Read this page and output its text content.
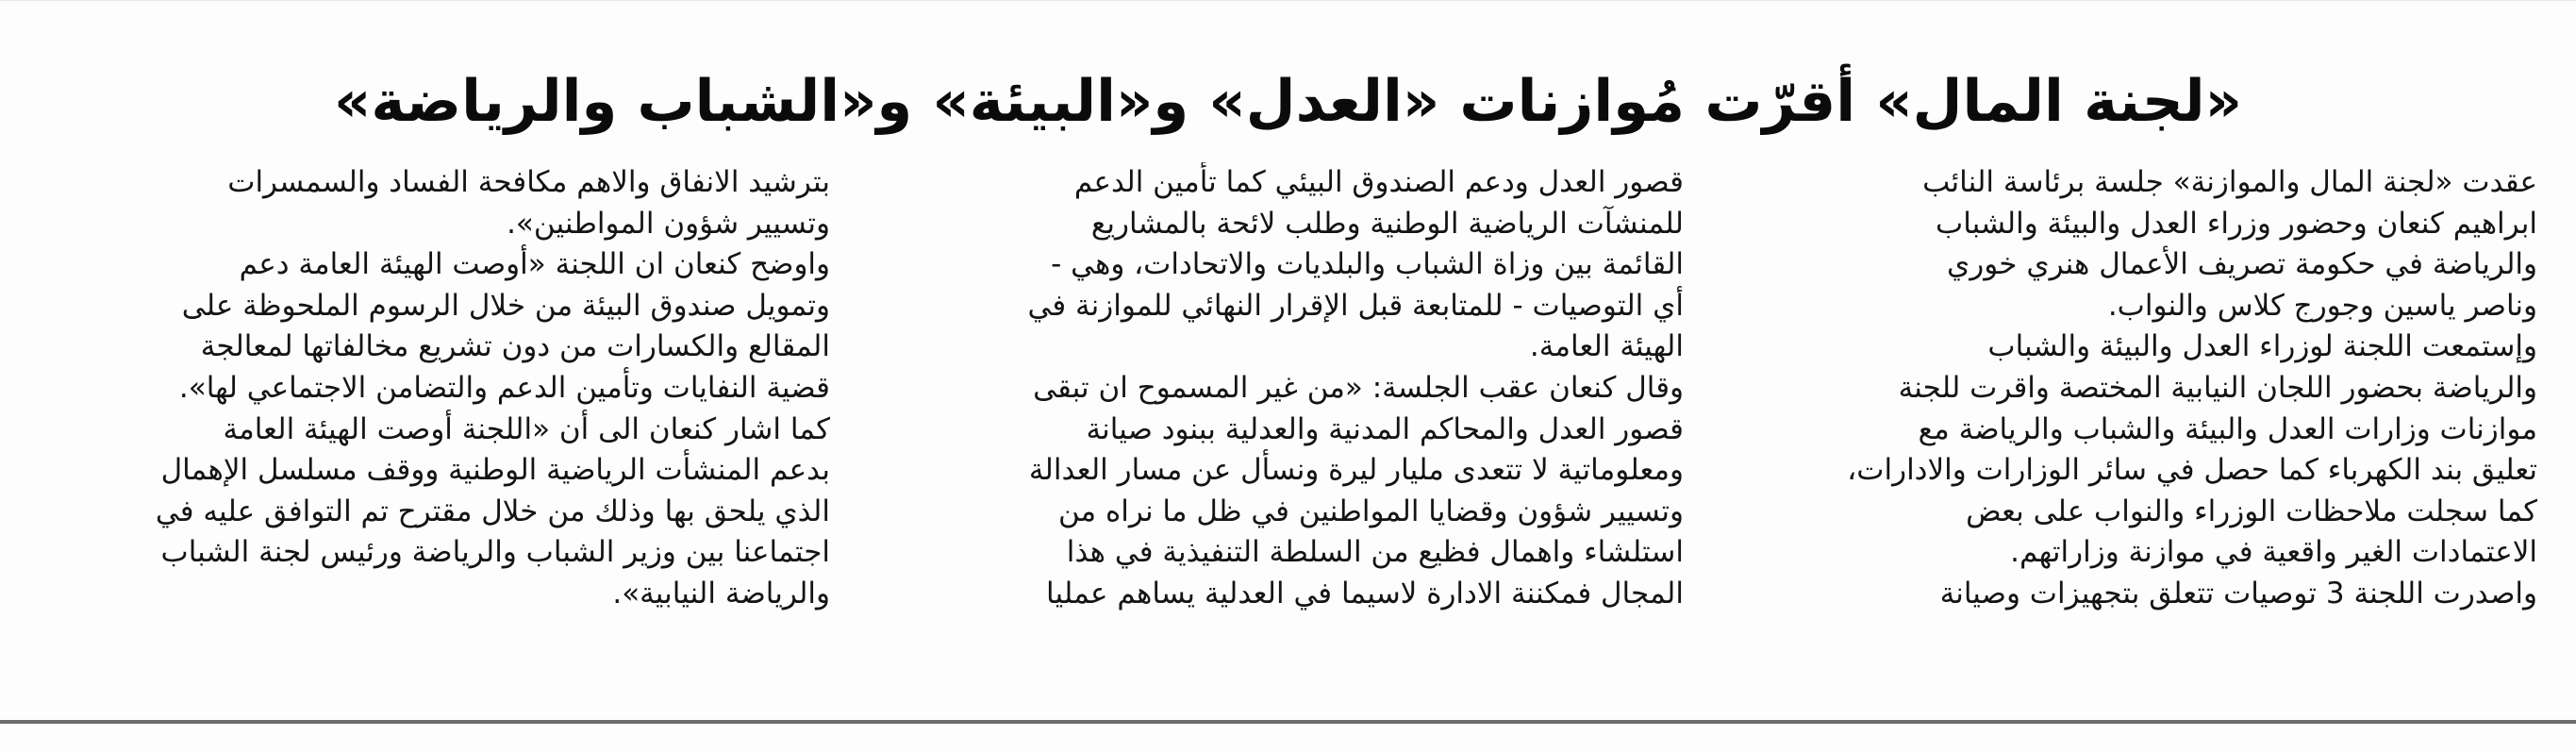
«لجنة المال» أقرّت مُوازنات «العدل» و«البيئة» و«الشباب والرياضة»
عقدت «لجنة المال والموازنة» جلسة برئاسة النائب
ابراهيم كنعان وحضور وزراء العدل والبيئة والشباب
والرياضة في حكومة تصريف الأعمال هنري خوري
وناصر ياسين وجورج كلاس والنواب.
وإستمعت اللجنة لوزراء العدل والبيئة والشباب
والرياضة بحضور اللجان النيابية المختصة واقرت للجنة
موازنات وزارات العدل والبيئة والشباب والرياضة مع
تعليق بند الكهرباء كما حصل في سائر الوزارات والادارات،
كما سجلت ملاحظات الوزراء والنواب على بعض
الاعتمادات الغير واقعية في موازنة وزاراتهم.
واصدرت اللجنة 3 توصيات تتعلق بتجهيزات وصيانة
قصور العدل ودعم الصندوق البيئي كما تأمين الدعم
للمنشآت الرياضية الوطنية وطلب لائحة بالمشاريع
القائمة بين وزاة الشباب والبلديات والاتحادات، وهي -
أي التوصيات - للمتابعة قبل الإقرار النهائي للموازنة في
الهيئة العامة.
وقال كنعان عقب الجلسة: «من غير المسموح ان تبقى
قصور العدل والمحاكم المدنية والعدلية ببنود صيانة
ومعلوماتية لا تتعدى مليار ليرة ونسأل عن مسار العدالة
وتسيير شؤون وقضايا المواطنين في ظل ما نراه من
استلشاء واهمال فظيع من السلطة التنفيذية في هذا
المجال فمكننة الادارة لاسيما في العدلية يساهم عمليا
بترشيد الانفاق والاهم مكافحة الفساد والسمسرات
وتسيير شؤون المواطنين».
واوضح كنعان ان اللجنة «أوصت الهيئة العامة دعم
وتمويل صندوق البيئة من خلال الرسوم الملحوظة على
المقالع والكسارات من دون تشريع مخالفاتها لمعالجة
قضية النفايات وتأمين الدعم والتضامن الاجتماعي لها».
كما اشار كنعان الى أن «اللجنة أوصت الهيئة العامة
بدعم المنشأت الرياضية الوطنية ووقف مسلسل الإهمال
الذي يلحق بها وذلك من خلال مقترح تم التوافق عليه في
اجتماعنا بين وزير الشباب والرياضة ورئيس لجنة الشباب
والرياضة النيابية».
